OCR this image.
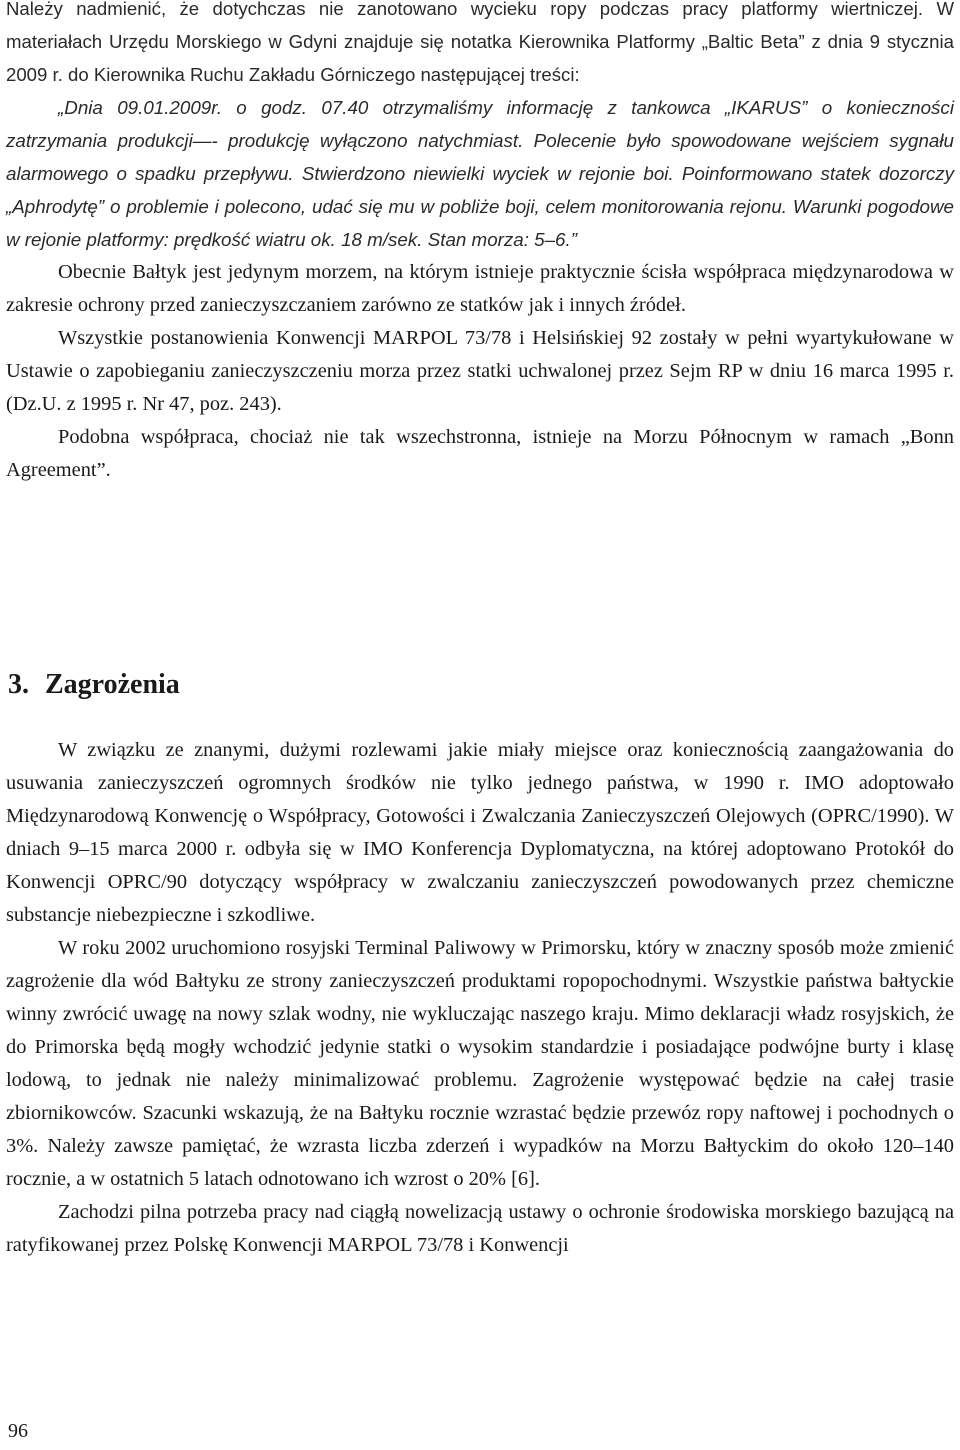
Należy nadmienić, że dotychczas nie zanotowano wycieku ropy podczas pracy platformy wiertniczej. W materiałach Urzędu Morskiego w Gdyni znajduje się notatka Kierownika Platformy „Baltic Beta” z dnia 9 stycznia 2009 r. do Kierownika Ruchu Zakładu Górniczego następującej treści:

„Dnia 09.01.2009r. o godz. 07.40 otrzymaliśmy informację z tankowca „IKARUS” o konieczności zatrzymania produkcji—- produkcję wyłączono natychmiast. Polecenie było spowodowane wejściem sygnału alarmowego o spadku przepływu. Stwierdzono niewielki wyciek w rejonie boi. Poinformowano statek dozorczy „Aphrodytę” o problemie i polecono, udać się mu w pobliże boji, celem monitorowania rejonu. Warunki pogodowe w rejonie platformy: prędkość wiatru ok. 18 m/sek. Stan morza: 5–6.”

Obecnie Bałtyk jest jedynym morzem, na którym istnieje praktycznie ścisła współpraca międzynarodowa w zakresie ochrony przed zanieczyszczaniem zarówno ze statków jak i innych źródeł.

Wszystkie postanowienia Konwencji MARPOL 73/78 i Helsińskiej 92 zostały w pełni wyartykułowane w Ustawie o zapobieganiu zanieczyszczeniu morza przez statki uchwalonej przez Sejm RP w dniu 16 marca 1995 r. (Dz.U. z 1995 r. Nr 47, poz. 243).

Podobna współpraca, chociaż nie tak wszechstronna, istnieje na Morzu Północnym w ramach „Bonn Agreement”.

3. Zagrożenia

W związku ze znanymi, dużymi rozlewami jakie miały miejsce oraz koniecznością zaangażowania do usuwania zanieczyszczeń ogromnych środków nie tylko jednego państwa, w 1990 r. IMO adoptowało Międzynarodową Konwencję o Współpracy, Gotowości i Zwalczania Zanieczyszczeń Olejowych (OPRC/1990). W dniach 9–15 marca 2000 r. odbyła się w IMO Konferencja Dyplomatyczna, na której adoptowano Protokół do Konwencji OPRC/90 dotyczący współpracy w zwalczaniu zanieczyszczeń powodowanych przez chemiczne substancje niebezpieczne i szkodliwe.

W roku 2002 uruchomiono rosyjski Terminal Paliwowy w Primorsku, który w znaczny sposób może zmienić zagrożenie dla wód Bałtyku ze strony zanieczyszczeń produktami ropopochodnymi. Wszystkie państwa bałtyckie winny zwrócić uwagę na nowy szlak wodny, nie wykluczając naszego kraju. Mimo deklaracji władz rosyjskich, że do Primorska będą mogły wchodzić jedynie statki o wysokim standardzie i posiadające podwójne burty i klasę lodową, to jednak nie należy minimalizować problemu. Zagrożenie występować będzie na całej trasie zbiornikowców. Szacunki wskazują, że na Bałtyku rocznie wzrastać będzie przewóz ropy naftowej i pochodnych o 3%. Należy zawsze pamiętać, że wzrasta liczba zderzeń i wypadków na Morzu Bałtyckim do około 120–140 rocznie, a w ostatnich 5 latach odnotowano ich wzrost o 20% [6].

Zachodzi pilna potrzeba pracy nad ciągłą nowelizacją ustawy o ochronie środowiska morskiego bazującą na ratyfikowanej przez Polskę Konwencji MARPOL 73/78 i Konwencji

96
